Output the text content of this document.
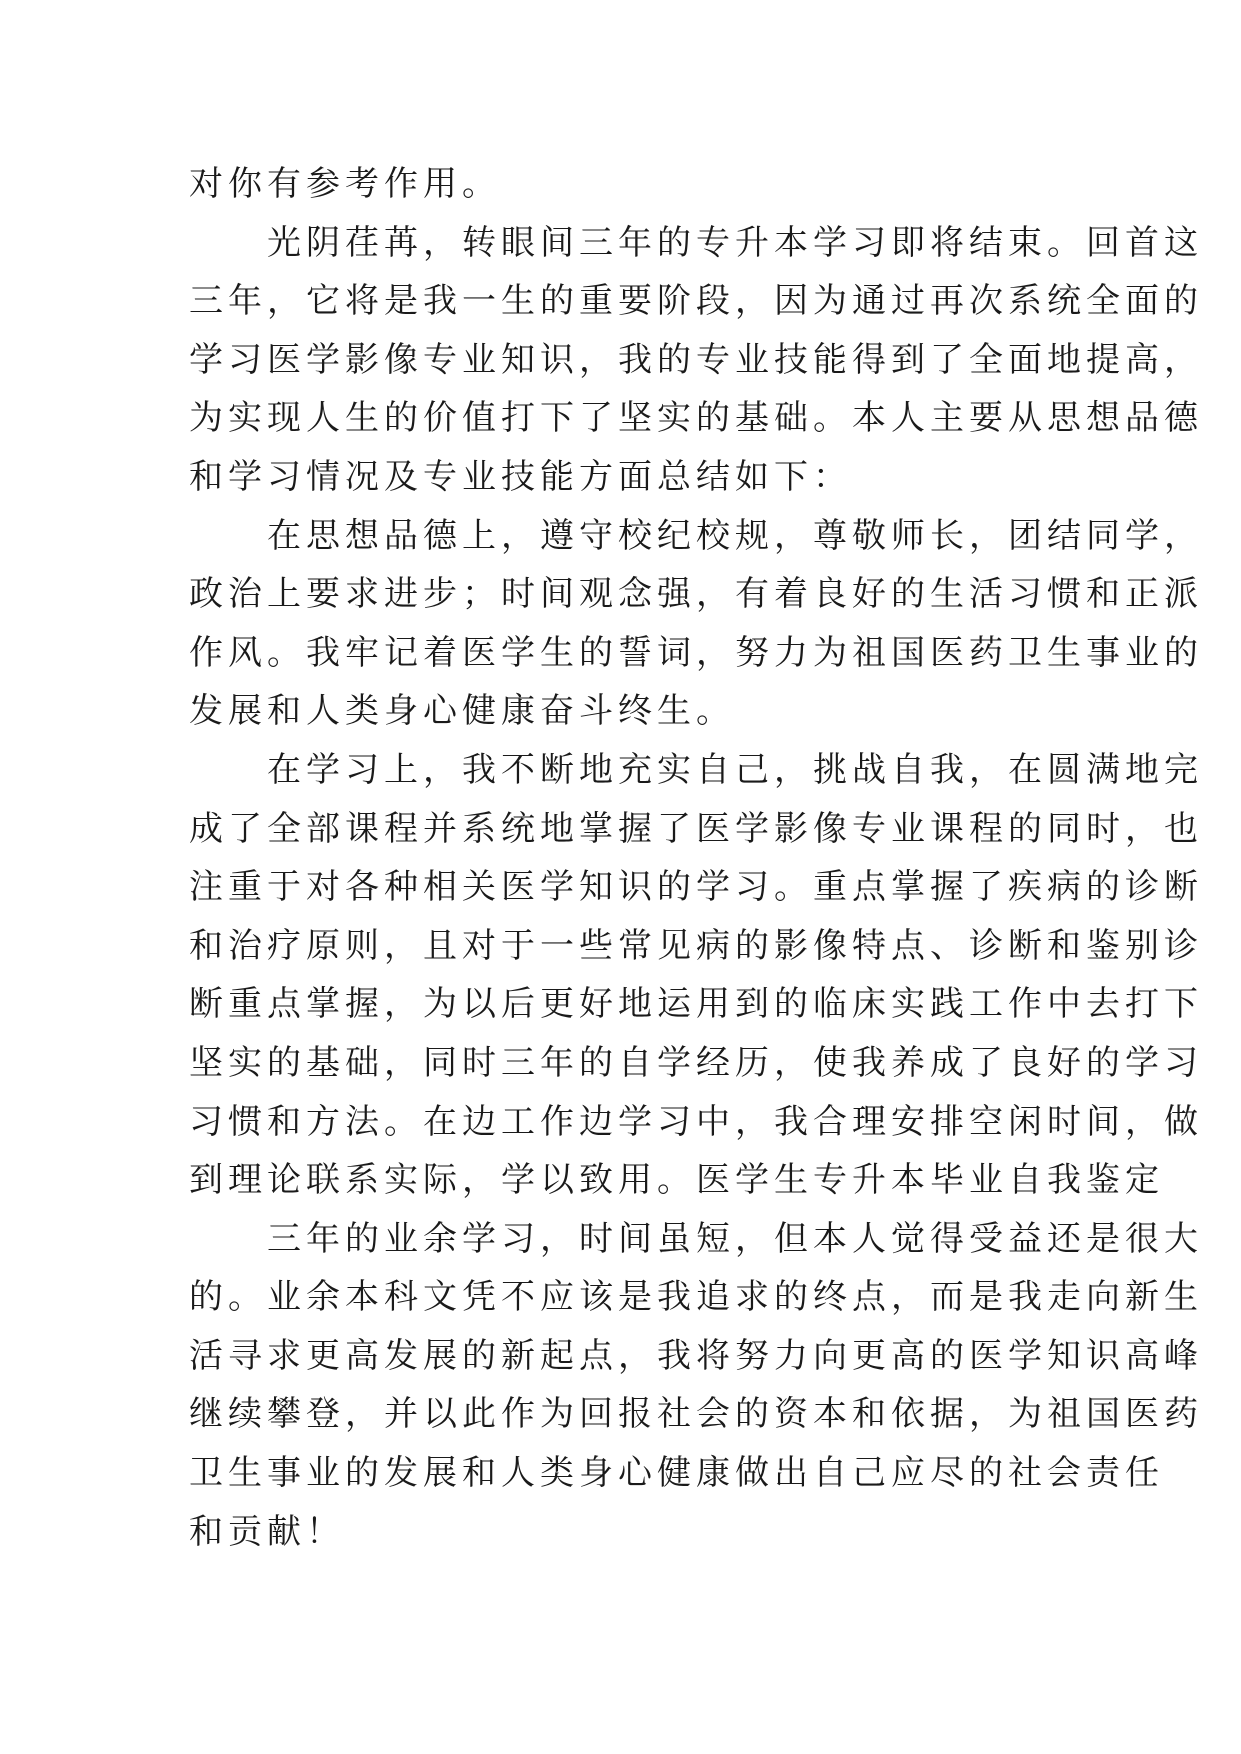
对你有参考作用。
光阴荏苒，转眼间三年的专升本学习即将结束。回首这
三年，它将是我一生的重要阶段，因为通过再次系统全面的
学习医学影像专业知识，我的专业技能得到了全面地提高，
为实现人生的价值打下了坚实的基础。本人主要从思想品德
和学习情况及专业技能方面总结如下：
在思想品德上，遵守校纪校规，尊敬师长，团结同学，
政治上要求进步；时间观念强，有着良好的生活习惯和正派
作风。我牢记着医学生的誓词，努力为祖国医药卫生事业的
发展和人类身心健康奋斗终生。
在学习上，我不断地充实自己，挑战自我，在圆满地完
成了全部课程并系统地掌握了医学影像专业课程的同时，也
注重于对各种相关医学知识的学习。重点掌握了疾病的诊断
和治疗原则，且对于一些常见病的影像特点、诊断和鉴别诊
断重点掌握，为以后更好地运用到的临床实践工作中去打下
坚实的基础，同时三年的自学经历，使我养成了良好的学习
习惯和方法。在边工作边学习中，我合理安排空闲时间，做
到理论联系实际，学以致用。医学生专升本毕业自我鉴定
三年的业余学习，时间虽短，但本人觉得受益还是很大
的。业余本科文凭不应该是我追求的终点，而是我走向新生
活寻求更高发展的新起点，我将努力向更高的医学知识高峰
继续攀登，并以此作为回报社会的资本和依据，为祖国医药
卫生事业的发展和人类身心健康做出自己应尽的社会责任
和贡献！
